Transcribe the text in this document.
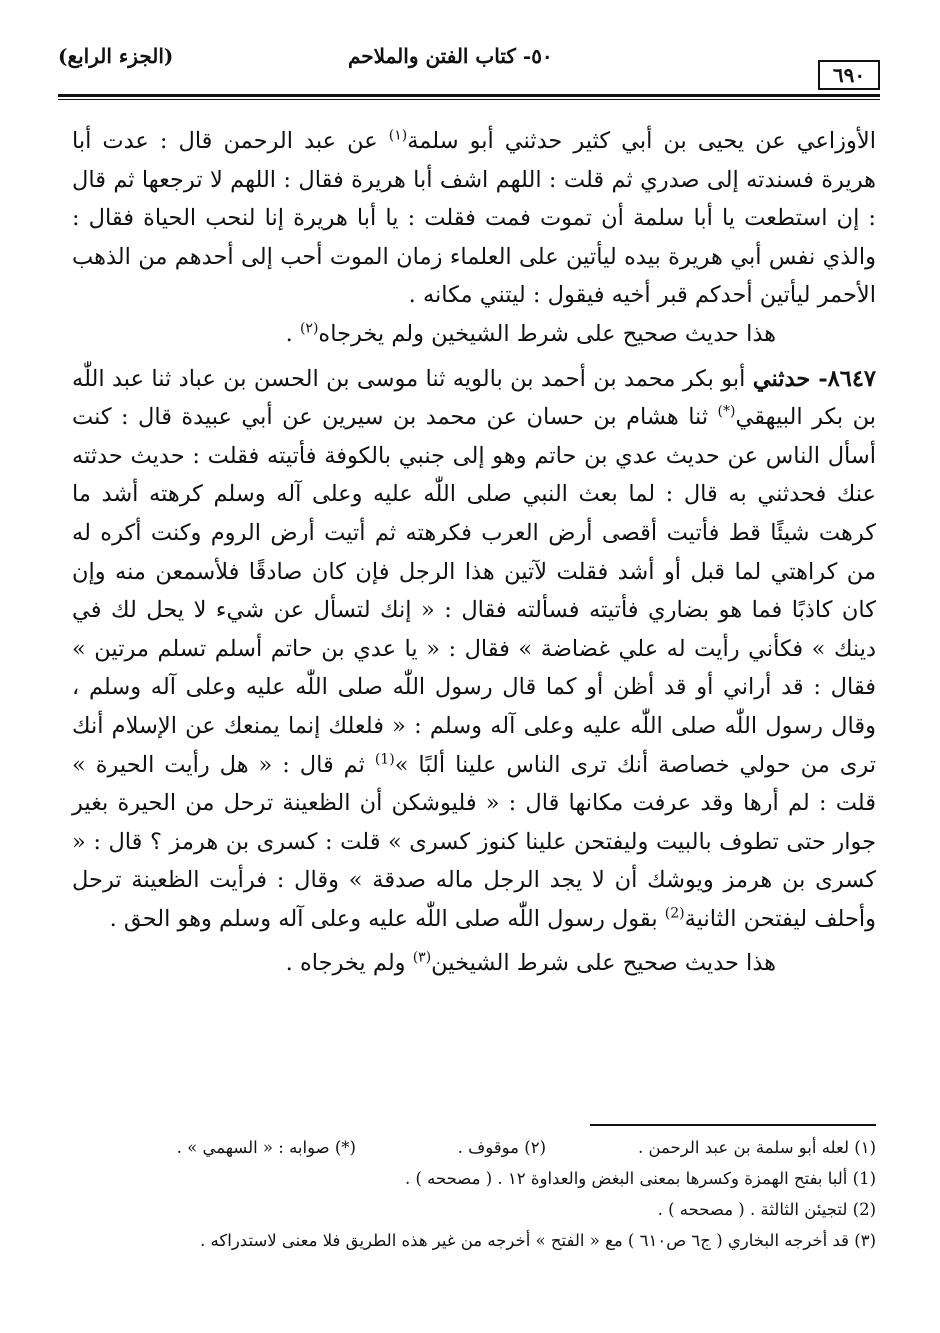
٦٩٠
٥٠- كتاب الفتن والملاحم
(الجزء الرابع)

الأوزاعي عن يحيى بن أبي كثير حدثني أبو سلمة$^{(١)}$ عن عبد الرحمن قال : عدت أبا هريرة فسندته إلى صدري ثم قلت : اللهم اشف أبا هريرة فقال : اللهم لا ترجعها ثم قال : إن استطعت يا أبا سلمة أن تموت فمت فقلت : يا أبا هريرة إنا لنحب الحياة فقال : والذي نفس أبي هريرة بيده ليأتين على العلماء زمان الموت أحب إلى أحدهم من الذهب الأحمر ليأتين أحدكم قبر أخيه فيقول : ليتني مكانه .

هذا حديث صحيح على شرط الشيخين ولم يخرجاه$^{(٢)}$ .

٨٦٤٧- حدثني أبو بكر محمد بن أحمد بن بالويه ثنا موسى بن الحسن بن عباد ثنا عبد اللّٰه بن بكر البيهقي(*) ثنا هشام بن حسان عن محمد بن سيرين عن أبي عبيدة قال : كنت أسأل الناس عن حديث عدي بن حاتم وهو إلى جنبي بالكوفة فأتيته فقلت : حديث حدثته عنك فحدثني به قال : لما بعث النبي صلى اللّٰه عليه وعلى آله وسلم كرهته أشد ما كرهت شيئًا قط فأتيت أقصى أرض العرب فكرهته ثم أتيت أرض الروم وكنت أكره له من كراهتي لما قبل أو أشد فقلت لآتين هذا الرجل فإن كان صادقًا فلأسمعن منه وإن كان كاذبًا فما هو بضاري فأتيته فسألته فقال : « إنك لتسأل عن شيء لا يحل لك في دينك » فكأني رأيت له علي غضاضة » فقال : « يا عدي بن حاتم أسلم تسلم مرتين » فقال : قد أراني أو قد أظن أو كما قال رسول اللّٰه صلى اللّٰه عليه وعلى آله وسلم ، وقال رسول اللّٰه صلى اللّٰه عليه وعلى آله وسلم : « فلعلك إنما يمنعك عن الإسلام أنك ترى من حولي خصاصة أنك ترى الناس علينا ألبًا »$^{(1)}$ ثم قال : « هل رأيت الحيرة » قلت : لم أرها وقد عرفت مكانها قال : « فليوشكن أن الظعينة ترحل من الحيرة بغير جوار حتى تطوف بالبيت وليفتحن علينا كنوز كسرى » قلت : كسرى بن هرمز ؟ قال : « كسرى بن هرمز ويوشك أن لا يجد الرجل ماله صدقة » وقال : فرأيت الظعينة ترحل وأحلف ليفتحن الثانية$^{(2)}$ بقول رسول اللّٰه صلى اللّٰه عليه وعلى آله وسلم وهو الحق .

هذا حديث صحيح على شرط الشيخين$^{(٣)}$ ولم يخرجاه .

(١) لعله أبو سلمة بن عبد الرحمن .
(٢) موقوف .
(*) صوابه : « السهمي » .

(1) ألبا بفتح الهمزة وكسرها بمعنى البغض والعداوة ١٢ . ( مصححه ) .

(2) لتجيئن الثالثة . ( مصححه ) .

(٣) قد أخرجه البخاري ( ج٦ ص٦١٠ ) مع « الفتح » أخرجه من غير هذه الطريق فلا معنى لاستدراكه .
